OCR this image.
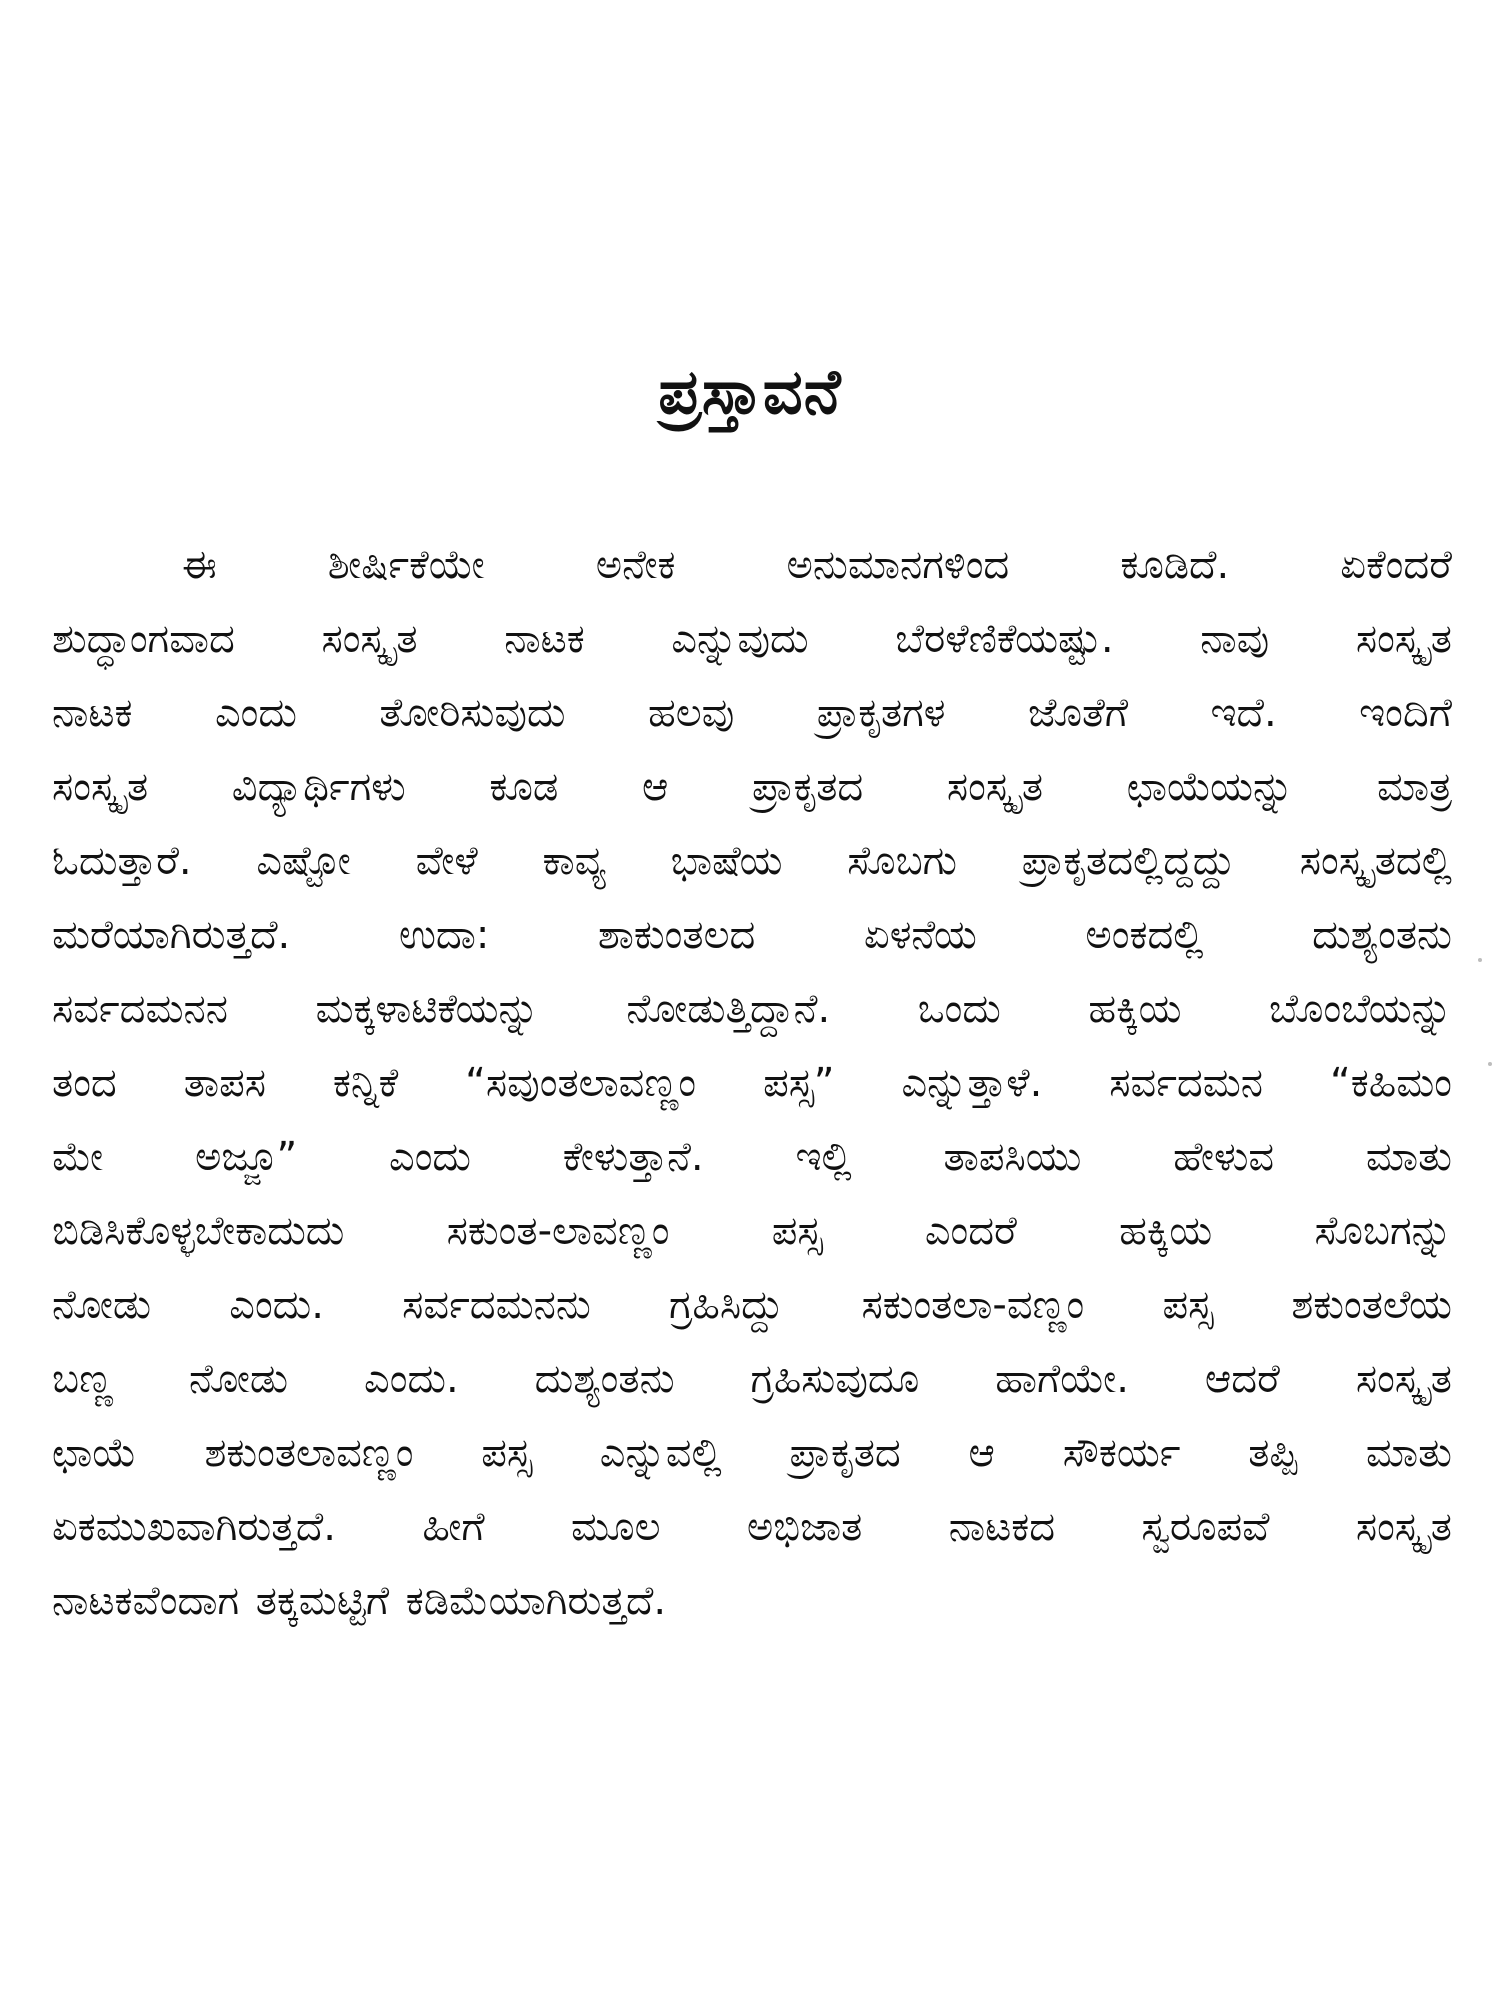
ಪ್ರಸ್ತಾವನೆ
ಈ ಶೀರ್ಷಿಕೆಯೇ ಅನೇಕ ಅನುಮಾನಗಳಿಂದ ಕೂಡಿದೆ. ಏಕೆಂದರೆ
ಶುದ್ಧಾಂಗವಾದ ಸಂಸ್ಕೃತ ನಾಟಕ ಎನ್ನುವುದು ಬೆರಳೆಣಿಕೆಯಷ್ಟು. ನಾವು ಸಂಸ್ಕೃತ
ನಾಟಕ ಎಂದು ತೋರಿಸುವುದು ಹಲವು ಪ್ರಾಕೃತಗಳ ಜೊತೆಗೆ ಇದೆ. ಇಂದಿಗೆ
ಸಂಸ್ಕೃತ ವಿದ್ಯಾರ್ಥಿಗಳು ಕೂಡ ಆ ಪ್ರಾಕೃತದ ಸಂಸ್ಕೃತ ಛಾಯೆಯನ್ನು ಮಾತ್ರ
ಓದುತ್ತಾರೆ. ಎಷ್ಟೋ ವೇಳೆ ಕಾವ್ಯ ಭಾಷೆಯ ಸೊಬಗು ಪ್ರಾಕೃತದಲ್ಲಿದ್ದದ್ದು ಸಂಸ್ಕೃತದಲ್ಲಿ
ಮರೆಯಾಗಿರುತ್ತದೆ. ಉದಾ: ಶಾಕುಂತಲದ ಏಳನೆಯ ಅಂಕದಲ್ಲಿ ದುಶ್ಯಂತನು
ಸರ್ವದಮನನ ಮಕ್ಕಳಾಟಿಕೆಯನ್ನು ನೋಡುತ್ತಿದ್ದಾನೆ. ಒಂದು ಹಕ್ಕಿಯ ಬೊಂಬೆಯನ್ನು
ತಂದ ತಾಪಸ ಕನ್ನಿಕೆ “ಸವುಂತಲಾವಣ್ಣಂ ಪಸ್ಸ” ಎನ್ನುತ್ತಾಳೆ. ಸರ್ವದಮನ “ಕಹಿಮಂ
ಮೇ ಅಜ್ಜೂ” ಎಂದು ಕೇಳುತ್ತಾನೆ. ಇಲ್ಲಿ ತಾಪಸಿಯು ಹೇಳುವ ಮಾತು
ಬಿಡಿಸಿಕೊಳ್ಳಬೇಕಾದುದು ಸಕುಂತ-ಲಾವಣ್ಣಂ ಪಸ್ಸ ಎಂದರೆ ಹಕ್ಕಿಯ ಸೊಬಗನ್ನು
ನೋಡು ಎಂದು. ಸರ್ವದಮನನು ಗ್ರಹಿಸಿದ್ದು ಸಕುಂತಲಾ-ವಣ್ಣಂ ಪಸ್ಸ ಶಕುಂತಲೆಯ
ಬಣ್ಣ ನೋಡು ಎಂದು. ದುಶ್ಯಂತನು ಗ್ರಹಿಸುವುದೂ ಹಾಗೆಯೇ. ಆದರೆ ಸಂಸ್ಕೃತ
ಛಾಯೆ ಶಕುಂತಲಾವಣ್ಣಂ ಪಸ್ಸ ಎನ್ನುವಲ್ಲಿ ಪ್ರಾಕೃತದ ಆ ಸೌಕರ್ಯ ತಪ್ಪಿ ಮಾತು
ಏಕಮುಖವಾಗಿರುತ್ತದೆ. ಹೀಗೆ ಮೂಲ ಅಭಿಜಾತ ನಾಟಕದ ಸ್ವರೂಪವೆ ಸಂಸ್ಕೃತ
ನಾಟಕವೆಂದಾಗ ತಕ್ಕಮಟ್ಟಿಗೆ ಕಡಿಮೆಯಾಗಿರುತ್ತದೆ.
